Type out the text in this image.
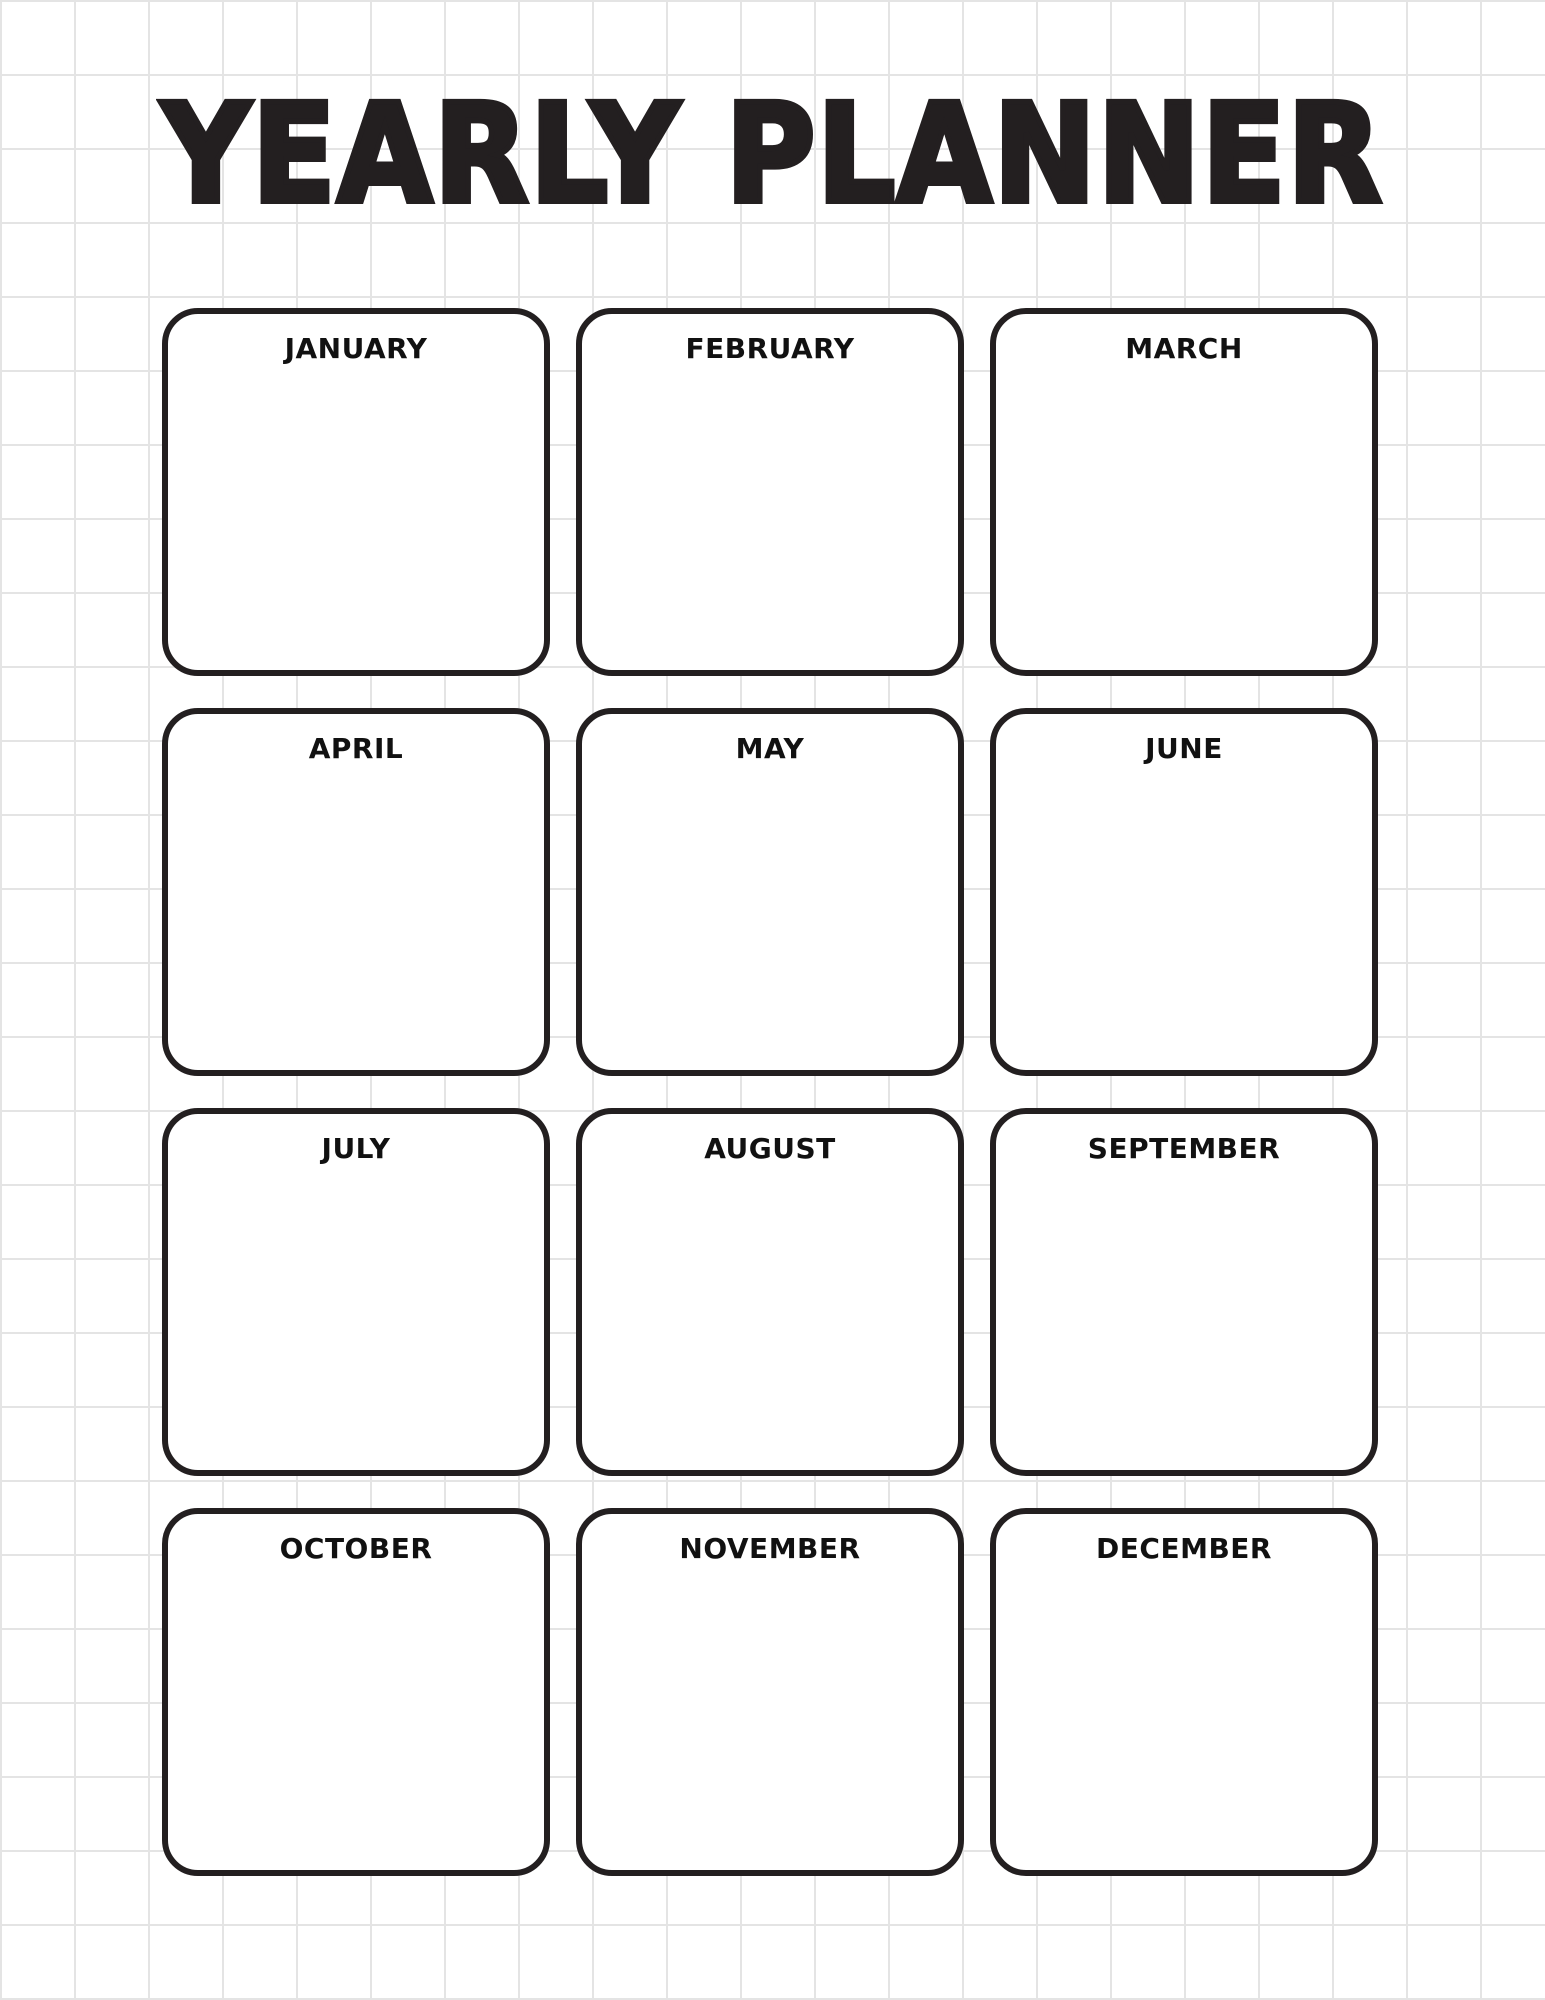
YEARLY PLANNER
JANUARY	FEBRUARY	MARCH
APRIL	MAY	JUNE
JULY	AUGUST	SEPTEMBER
OCTOBER	NOVEMBER	DECEMBER
